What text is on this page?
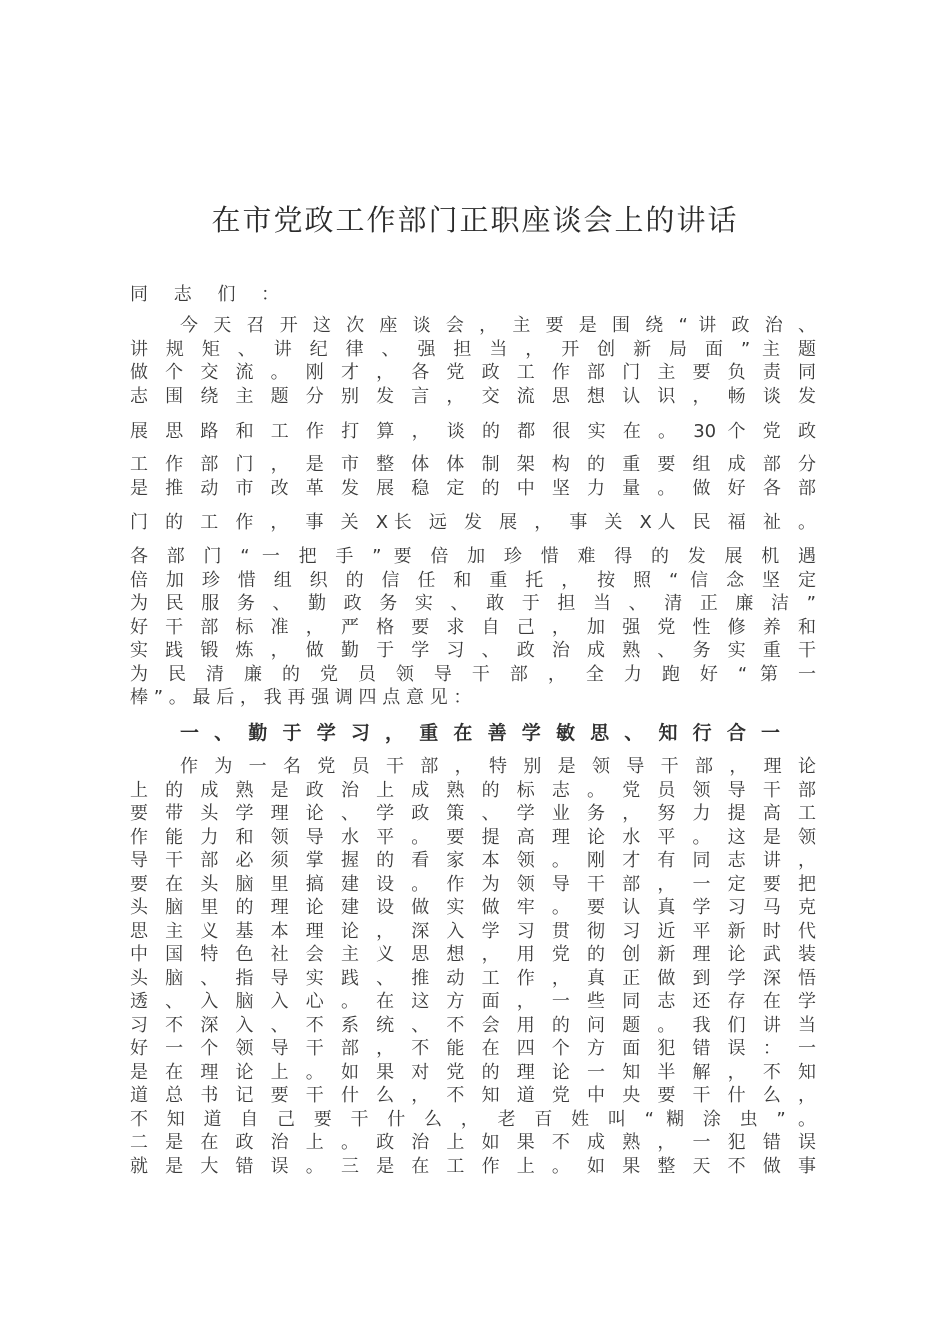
在市党政工作部门正职座谈会上的讲话
同 志 们 ：
今 天 召 开 这 次 座 谈 会 ， 主 要 是 围 绕 “ 讲 政 治 、
讲 规 矩 、 讲 纪 律 、 强 担 当 ， 开 创 新 局 面 ” 主 题
做 个 交 流 。 刚 才 ， 各 党 政 工 作 部 门 主 要 负 责 同
志 围 绕 主 题 分 别 发 言 ， 交 流 思 想 认 识 ， 畅 谈 发
展 思 路 和 工 作 打 算 ， 谈 的 都 很 实 在 。 30 个 党 政
工 作 部 门 ， 是 市 整 体 体 制 架 构 的 重 要 组 成 部 分
是 推 动 市 改 革 发 展 稳 定 的 中 坚 力 量 。 做 好 各 部
门 的 工 作 ， 事 关 X长 远 发 展 ， 事 关 X人 民 福 祉 。
各 部 门 “ 一 把 手 ” 要 倍 加 珍 惜 难 得 的 发 展 机 遇
倍 加 珍 惜 组 织 的 信 任 和 重 托 ， 按 照 “ 信 念 坚 定
为 民 服 务 、 勤 政 务 实 、 敢 于 担 当 、 清 正 廉 洁 ”
好 干 部 标 准 ， 严 格 要 求 自 己 ， 加 强 党 性 修 养 和
实 践 锻 炼 ， 做 勤 于 学 习 、 政 治 成 熟 、 务 实 重 干
为 民 清 廉 的 党 员 领 导 干 部 ， 全 力 跑 好 “ 第 一
棒 ” 。 最 后 ， 我 再 强 调 四 点 意 见 ：
一 、 勤 于 学 习 ， 重 在 善 学 敏 思 、 知 行 合 一
作 为 一 名 党 员 干 部 ， 特 别 是 领 导 干 部 ， 理 论
上 的 成 熟 是 政 治 上 成 熟 的 标 志 。 党 员 领 导 干 部
要 带 头 学 理 论 、 学 政 策 、 学 业 务 ， 努 力 提 高 工
作 能 力 和 领 导 水 平 。 要 提 高 理 论 水 平 。 这 是 领
导 干 部 必 须 掌 握 的 看 家 本 领 。 刚 才 有 同 志 讲 ，
要 在 头 脑 里 搞 建 设 。 作 为 领 导 干 部 ， 一 定 要 把
头 脑 里 的 理 论 建 设 做 实 做 牢 。 要 认 真 学 习 马 克
思 主 义 基 本 理 论 ， 深 入 学 习 贯 彻 习 近 平 新 时 代
中 国 特 色 社 会 主 义 思 想 ， 用 党 的 创 新 理 论 武 装
头 脑 、 指 导 实 践 、 推 动 工 作 ， 真 正 做 到 学 深 悟
透 、 入 脑 入 心 。 在 这 方 面 ， 一 些 同 志 还 存 在 学
习 不 深 入 、 不 系 统 、 不 会 用 的 问 题 。 我 们 讲 当
好 一 个 领 导 干 部 ， 不 能 在 四 个 方 面 犯 错 误 ： 一
是 在 理 论 上 。 如 果 对 党 的 理 论 一 知 半 解 ， 不 知
道 总 书 记 要 干 什 么 ， 不 知 道 党 中 央 要 干 什 么 ，
不 知 道 自 己 要 干 什 么 ， 老 百 姓 叫 “ 糊 涂 虫 ” 。
二 是 在 政 治 上 。 政 治 上 如 果 不 成 熟 ， 一 犯 错 误
就 是 大 错 误 。 三 是 在 工 作 上 。 如 果 整 天 不 做 事
